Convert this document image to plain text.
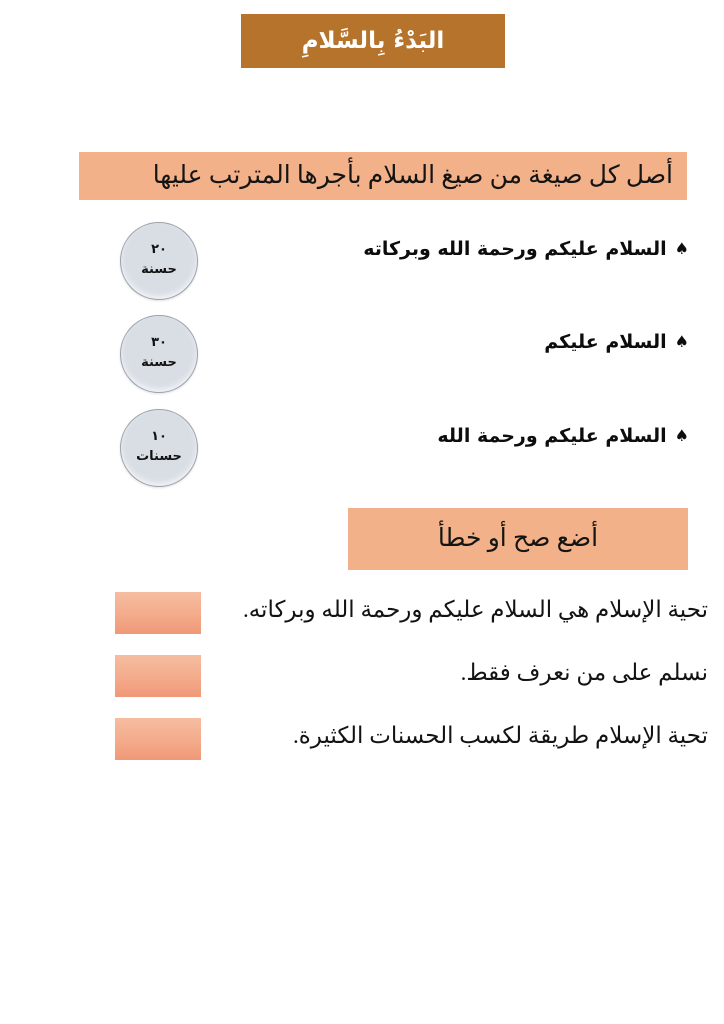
البَدْءُ بِالسَّلامِ
أصل كل صيغة من صيغ السلام بأجرها المترتب عليها
٢٠
حسنة
♠السلام عليكم ورحمة الله وبركاته
٣٠
حسنة
♠السلام عليكم
١٠
حسنات
♠السلام عليكم ورحمة الله
أضع صح أو خطأ
تحية الإسلام هي السلام عليكم ورحمة الله وبركاته.
نسلم على من نعرف فقط.
تحية الإسلام طريقة لكسب الحسنات الكثيرة.
